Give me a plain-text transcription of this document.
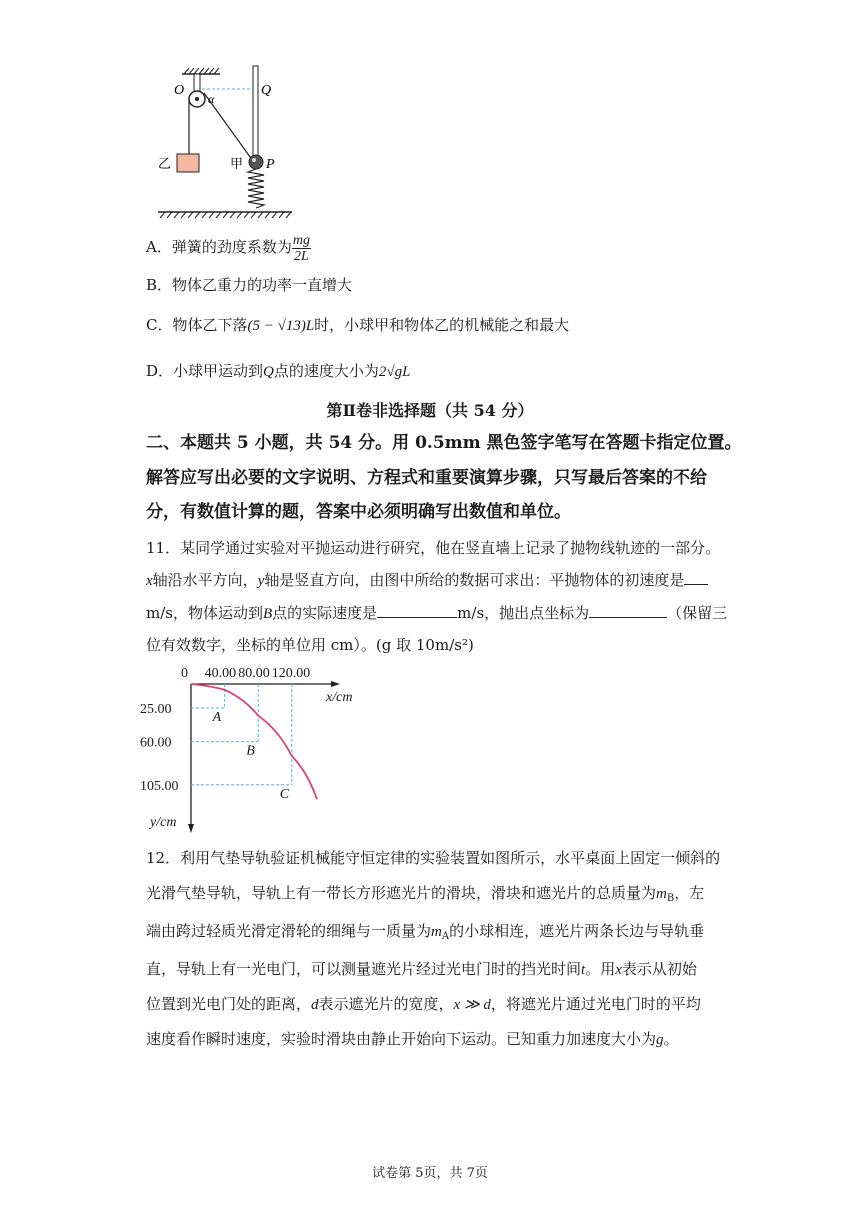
O
α
Q
乙	甲 P
A．弹簧的劲度系数为 $\frac{mg}{2L}$
B．物体乙重力的功率一直增大
C．物体乙下落(5 − √13)L时，小球甲和物体乙的机械能之和最大
D．小球甲运动到Q点的速度大小为2√gL
第Ⅱ卷非选择题（共 54 分）
二、本题共 5 小题，共 54 分。用 0.5mm 黑色签字笔写在答题卡指定位置。
解答应写出必要的文字说明、方程式和重要演算步骤，只写最后答案的不给
分，有数值计算的题，答案中必须明确写出数值和单位。
11．某同学通过实验对平抛运动进行研究，他在竖直墙上记录了抛物线轨迹的一部分。
x轴沿水平方向，y轴是竖直方向，由图中所给的数据可求出：平抛物体的初速度是
m/s，物体运动到B点的实际速度是	m/s，抛出点坐标为	（保留三
位有效数字，坐标的单位用 cm）。(g 取 10m/s²)
A
B
C
0 40.00 80.00 120.00
25.00
60.00
105.00
x/cm
y/cm
12．利用气垫导轨验证机械能守恒定律的实验装置如图所示，水平桌面上固定一倾斜的
光滑气垫导轨，导轨上有一带长方形遮光片的滑块，滑块和遮光片的总质量为$m_B$，左
端由跨过轻质光滑定滑轮的细绳与一质量为$m_A$的小球相连，遮光片两条长边与导轨垂
直，导轨上有一光电门，可以测量遮光片经过光电门时的挡光时间t。用x表示从初始
位置到光电门处的距离，d表示遮光片的宽度，x ≫ d，将遮光片通过光电门时的平均
速度看作瞬时速度，实验时滑块由静止开始向下运动。已知重力加速度大小为g。
试卷第 5页，共 7页
